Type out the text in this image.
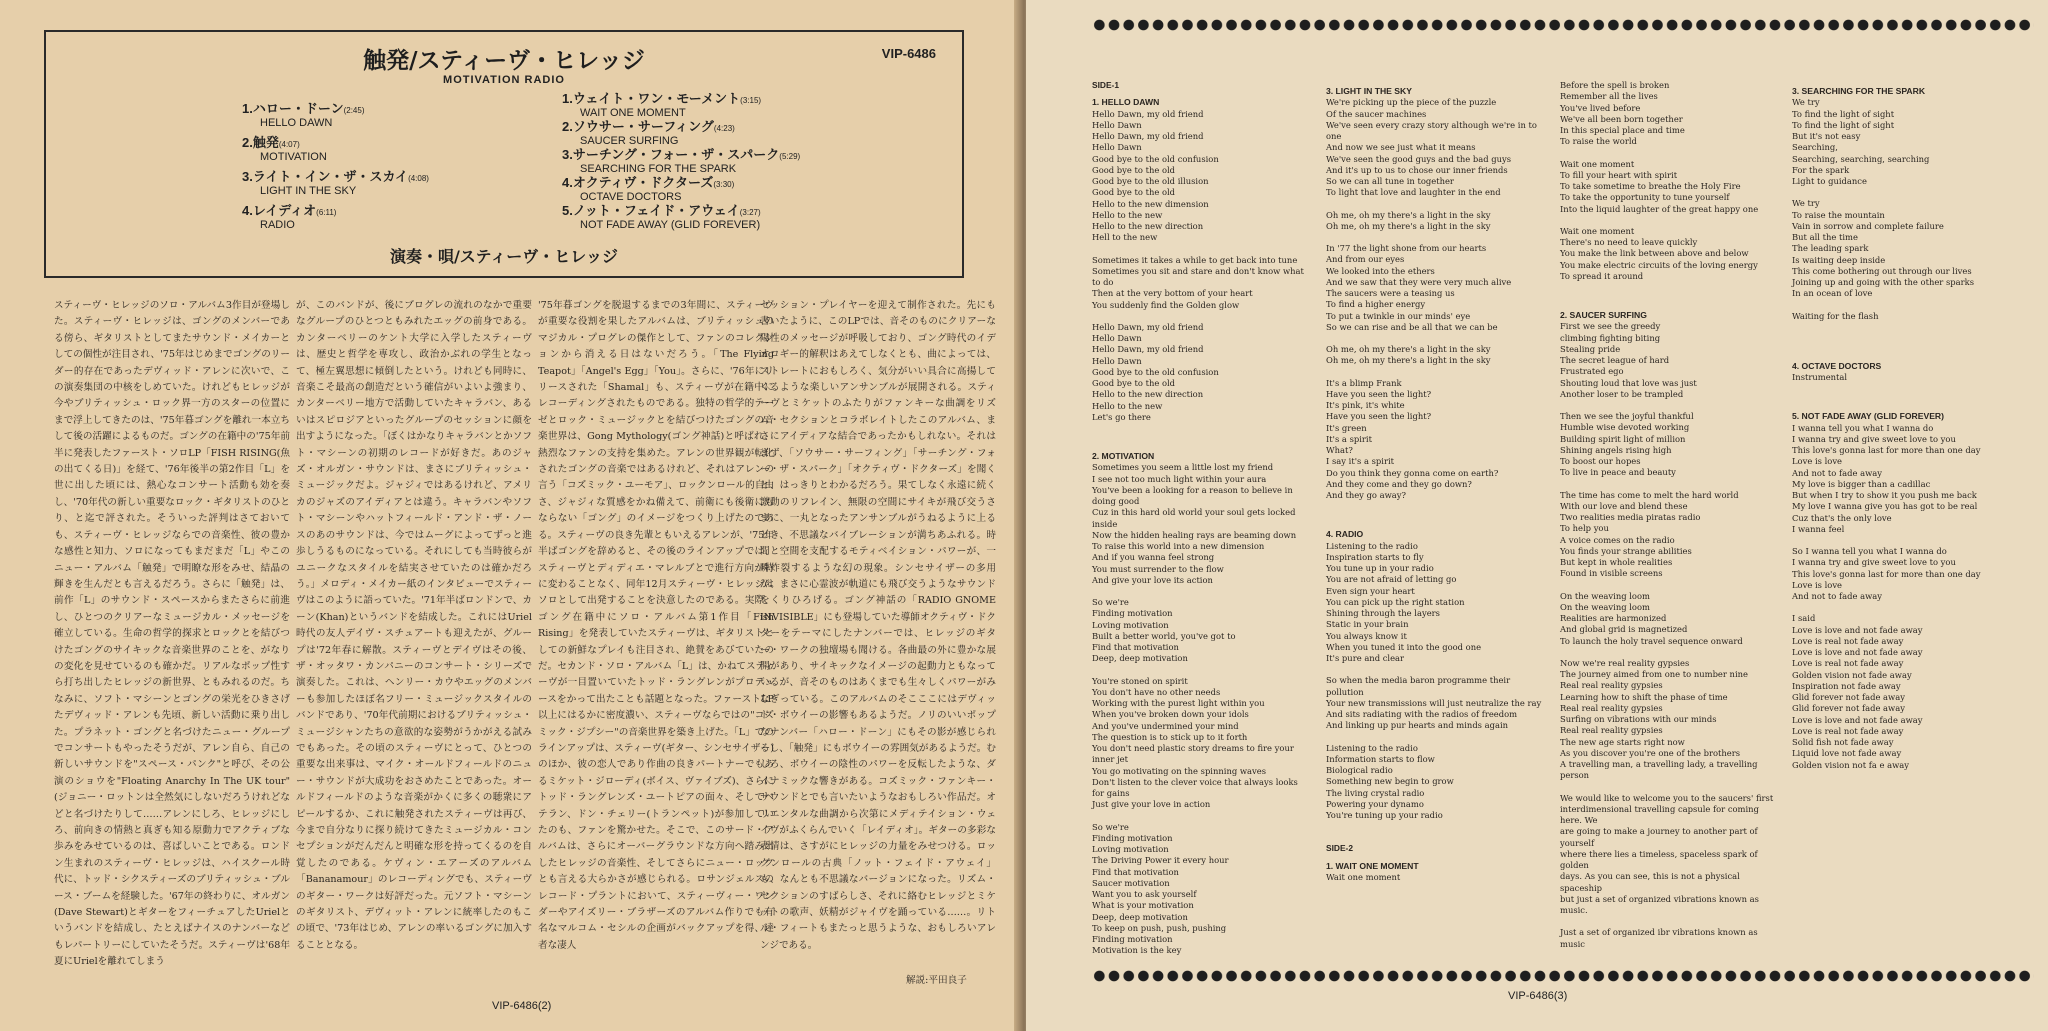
触発/スティーヴ・ヒレッジ
MOTIVATION RADIO
VIP-6486
1.ハロー・ドーン(2:45)
HELLO DAWN
2.触発(4:07)
MOTIVATION
3.ライト・イン・ザ・スカイ(4:08)
LIGHT IN THE SKY
4.レイディオ(6:11)
RADIO
1.ウェイト・ワン・モーメント(3:15)
WAIT ONE MOMENT
2.ソウサー・サーフィング(4:23)
SAUCER SURFING
3.サーチング・フォー・ザ・スパーク(5:29)
SEARCHING FOR THE SPARK
4.オクティヴ・ドクターズ(3:30)
OCTAVE DOCTORS
5.ノット・フェイド・アウェイ(3:27)
NOT FADE AWAY (GLID FOREVER)
演奏・唄/スティーヴ・ヒレッジ
スティーヴ・ヒレッジのソロ・アルバム3作目が登場した。スティーヴ・ヒレッジは、ゴングのメンバーである傍ら、ギタリストとしてまたサウンド・メイカーとしての個性が注目され、'75年はじめまでゴングのリーダー的存在であったデヴィッド・アレンに次いで、この演奏集団の中核をしめていた。けれどもヒレッジが今やブリティッシュ・ロック界一方のスターの位置にまで浮上してきたのは、'75年暮ゴングを離れ一本立ちして後の活躍によるものだ。ゴングの在籍中の'75年前半に発表したファースト・ソロLP「FISH RISING(魚の出てくる日)」を経て、'76年後半の第2作目「L」を世に出した頃には、熱心なコンサート活動も効を奏し、'70年代の新しい重要なロック・ギタリストのひとり、と迄で評された。そういった評判はさておいても、スティーヴ・ヒレッジならでの音楽性、彼の豊かな感性と知力、ソロになってもまだまだ「L」やこのニュー・アルバム「触発」で明瞭な形をみせ、結晶の輝きを生んだとも言えるだろう。さらに「触発」は、前作「L」のサウンド・スペースからまたさらに前進し、ひとつのクリアーなミュージカル・メッセージを確立している。生命の哲学的探求とロックとを結びつけたゴングのサイキックな音楽世界のことを、がなりの変化を見せているのも確かだ。リアルなポップ性すら打ち出したヒレッジの新世界、ともみれるのだ。ちなみに、ソフト・マシーンとゴングの栄光をひきさげたデヴィッド・アレンも先頃、新しい活動に乗り出した。プラネット・ゴングと名づけたニュー・グループでコンサートもやったそうだが、アレン自ら、自己の新しいサウンドを"スペース・パンク"と呼び、その公演のショウを"Floating Anarchy In The UK tour"(ジョニー・ロットンは全然気にしないだろうけれどなどと名づけたりして……アレンにしろ、ヒレッジにしろ、前向きの情熱と真ぎも知る原動力でアクティブな歩みをみせているのは、喜ばしいことである。ロンドン生まれのスティーヴ・ヒレッジは、ハイスクール時代に、トッド・シクスティーズのブリティッシュ・ブルース・ブームを経験した。'67年の終わりに、オルガン(Dave Stewart)とギターをフィーチュアしたUrielというバンドを結成し、たとえばナイスのナンバーなどもレパートリーにしていたそうだ。スティーヴは'68年夏にUrielを離れてしまう
が、このバンドが、後にブログレの流れのなかで重要なグループのひとつともみれたエッグの前身である。カンターベリーのケント大学に入学したスティーヴは、歴史と哲学を専攻し、政治かぶれの学生となって、極左翼思想に傾倒したという。けれども同時に、音楽こそ最高の創造だという確信がいよいよ強まり、カンターベリー地方で活動していたキャラバン、あるいはスピロジアといったグループのセッションに顔を出すようになった。「ぼくはかなりキャラバンとかソフト・マシーンの初期のレコードが好きだ。あのジャズ・オルガン・サウンドは、まさにブリティッシュ・ミュージックだよ。ジャジィではあるけれど、アメリカのジャズのアイディアとは違う。キャラバンやソフト・マシーンやハットフィールド・アンド・ザ・ノースのあのサウンドは、今ではムーグによってずっと進歩しうるものになっている。それにしても当時彼らがユニークなスタイルを結実させていたのは確かだろう。」メロディ・メイカー紙のインタビューでスティーヴはこのように語っていた。'71年半ばロンドンで、カーン(Khan)というバンドを結成した。これにはUriel時代の友人デイヴ・スチュアートも迎えたが、グループは'72年春に解散。スティーヴとデイヴはその後、ザ・オッタワ・カンパニーのコンサート・シリーズで演奏した。これは、ヘンリー・カウやエッグのメンバーも参加したほぼ名フリー・ミュージックスタイルのバンドであり、'70年代前期におけるブリティッシュ・ミュージシャンたちの意欲的な姿勢がうかがえる試みでもあった。その頃のスティーヴにとって、ひとつの重要な出来事は、マイク・オールドフィールドのニュー・サウンドが大成功をおさめたことであった。オールドフィールドのような音楽がかくに多くの聴衆にアピールするか、これに触発されたスティーヴは再び、今まで自分なりに探り続けてきたミュージカル・コンセプションがだんだんと明確な形を持ってくるのを自覚したのである。ケヴィン・エアーズのアルバム「Bananamour」のレコーディングでも、スティーヴのギター・ワークは好評だった。元ソフト・マシーンのギタリスト、デヴィット・アレンに統率したのもこの頃で、'73年はじめ、アレンの率いるゴングに加入することとなる。
'75年暮ゴングを脱退するまでの3年間に、スティーヴが重要な役割を果したアルバムは、ブリティッシュのマジカル・プログレの傑作として、ファンのコレクションから消える日はないだろう。「The Flying Teapot」「Angel's Egg」「You」。さらに、'76年にリリースされた「Shamal」も、スティーヴが在籍中にレコーディングされたものである。独特の哲学的テーゼとロック・ミュージックとを結びつけたゴングの音楽世界は、Gong Mythology(ゴング神話)と呼ばれ、熱烈なファンの支持を集めた。アレンの世界観が転化されたゴングの音楽ではあるけれど、それはアレンの言う「コズミック・ユーモア」、ロックンロール的自由さ、ジャジィな質感をかね備えて、前衛にも後衛にもならない「ゴング」のイメージをつくり上げたのである。スティーヴの良き先輩ともいえるアレンが、'75年半ばゴングを辞めると、その後のラインアップでは、スティーヴとディディエ・マレルブとで進行方向が特に変わることなく、同年12月スティーヴ・ヒレッジはソロとして出発することを決意したのである。実際、ゴング在籍中にソロ・アルバム第1作目「Fish Rising」を発表していたスティーヴは、ギタリストとしての新鮮なプレイも注目され、絶賛をあびていたのだ。セカンド・ソロ・アルバム「L」は、かねてスティーヴが一目置いていたトッド・ラングレンがプロデュースをかって出たことも話題となった。ファーストLP以上にはるかに密度濃い、スティーヴならではの"コズミック・ジプシー"の音楽世界を築き上げた。「L」でのラインアップは、スティーヴ(ギター、シンセサイザー)のほか、彼の恋人であり作曲の良きパートナーでもあるミケット・ジローディ(ボイス、ヴァイブズ)、さらにトッド・ラングレンズ・ユートピアの面々、そしてベテラン、ドン・チェリー(トランペット)が参加していたのも、ファンを驚かせた。そこで、このサード・アルバムは、さらにオーバーグラウンドな方向へ踏み出したヒレッジの音楽性、そしてさらにニュー・ロックとも言える大らかさが感じられる。ロサンジェルスのレコード・プラントにおいて、スティーヴィー・ワンダーやアイズリー・ブラザーズのアルバム作りでも有名なマルコム・セシルの企画がバックアップを得、達者な凄人
セッション・プレイヤーを迎えて制作された。先にも書いたように、このLPでは、音そのものにクリアーな陽性のメッセージが呼吸しており、ゴング時代のイデオロギー的解釈はあえてしなくとも、曲によっては、ストレートにおもしろく、気分がいい具合に高揚してくるような楽しいアンサンブルが展開される。スティーヴとミケットのふたりがファンキーな曲調をリズム・セクションとコラボレイトしたこのアルバム、まさにアイディアな結合であったかもしれない。それはまず、「ソウサー・サーフィング」「サーチング・フォー・ザ・スパーク」「オクティヴ・ドクターズ」を聞くと、はっきりとわかるだろう。果てしなく永遠に続く激動のリフレイン、無限の空間にサイキが飛び交うさまに、一丸となったアンサンブルがうねるように上るとき、不思議なバイブレーションが満ちあふれる。時間と空間を支配するモティベイション・パワーが、一瞬炸裂するような幻の現象。シンセサイザーの多用が、まさに心霊波が軌道にも飛び交うようなサウンドをくりひろげる。ゴング神話の「RADIO GNOME INVISIBLE」にも登場していた導師オクティヴ・ドクターをテーマにしたナンバーでは、ヒレッジのギター・ワークの独壇場も聞ける。各曲最の外に豊かな展開があり、サイキックなイメージの起動力ともなっているが、音そのものはあくまでも生々しくパワーがみなぎっている。このアルバムのそこここにはデヴィッド・ボウイーの影響もあるようだ。ノリのいいポップなナンバー「ハロー・ドーン」にもその影が感じられるし、「触発」にもボウイーの雰囲気があるようだ。むしろ、ボウイーの陰性のパワーを反転したような、ダイナミックな響きがある。コズミック・ファンキー・サウンドとでも言いたいようなおもしろい作品だ。オリエンタルな曲調から次第にメディテイション・ウェイヴがふくらんでいく「レイディオ」。ギターの多彩な表情は、さすがにヒレッジの力量をみせつける。ロックンロールの古典「ノット・フェイド・アウェイ」も、なんとも不思議なバージョンになった。リズム・セクションのすばらしさ、それに絡むヒレッジとミケットの歌声、妖精がジャイヴを踊っている……。リトル・フィートもまたっと思うような、おもしろいアレンジである。
解説:平田良子
VIP-6486(2)
SIDE-1
1. HELLO DAWN
Hello Dawn, my old friend
Hello Dawn
Hello Dawn, my old friend
Hello Dawn
Good bye to the old confusion
Good bye to the old
Good bye to the old illusion
Good bye to the old
Hello to the new dimension
Hello to the new
Hello to the new direction
Hell to the new
Sometimes it takes a while to get back into tune
Sometimes you sit and stare and don't know what to do
Then at the very bottom of your heart
You suddenly find the Golden glow
Hello Dawn, my old friend
Hello Dawn
Hello Dawn, my old friend
Hello Dawn
Good bye to the old confusion
Good bye to the old
Hello to the new direction
Hello to the new
Let's go there
2. MOTIVATION
Sometimes you seem a little lost my friend
I see not too much light within your aura
You've been a looking for a reason to believe in doing good
Cuz in this hard old world your soul gets locked inside
Now the hidden healing rays are beaming down
To raise this world into a new dimension
And if you wanna feel strong
You must surrender to the flow
And give your love its action
So we're
Finding motivation
Loving motivation
Built a better world, you've got to
Find that motivation
Deep, deep motivation
You're stoned on spirit
You don't have no other needs
Working with the purest light within you
When you've broken down your idols
And you've undermined your mind
The question is to stick up to it forth
You don't need plastic story dreams to fire your inner jet
You go motivating on the spinning waves
Don't listen to the clever voice that always looks for gains
Just give your love in action
So we're
Finding motivation
Loving motivation
The Driving Power it every hour
Find that motivation
Saucer motivation
Want you to ask yourself
What is your motivation
Deep, deep motivation
To keep on push, push, pushing
Finding motivation
Motivation is the key
3. LIGHT IN THE SKY
We're picking up the piece of the puzzle
Of the saucer machines
We've seen every crazy story although we're in to one
And now we see just what it means
We've seen the good guys and the bad guys
And it's up to us to chose our inner friends
So we can all tune in together
To light that love and laughter in the end
Oh me, oh my there's a light in the sky
Oh me, oh my there's a light in the sky
In '77 the light shone from our hearts
And from our eyes
We looked into the ethers
And we saw that they were very much alive
The saucers were a teasing us
To find a higher energy
To put a twinkle in our minds' eye
So we can rise and be all that we can be
Oh me, oh my there's a light in the sky
Oh me, oh my there's a light in the sky
It's a blimp Frank
Have you seen the light?
It's pink, it's white
Have you seen the light?
It's green
It's a spirit
What?
I say it's a spirit
Do you think they gonna come on earth?
And they come and they go down?
And they go away?
4. RADIO
Listening to the radio
Inspiration starts to fly
You tune up in your radio
You are not afraid of letting go
Even sign your heart
You can pick up the right station
Shining through the layers
Static in your brain
You always know it
When you tuned it into the good one
It's pure and clear
So when the media baron programme their pollution
Your new transmissions will just neutralize the ray
And sits radiating with the radios of freedom
And linking up pur hearts and minds again
Listening to the radio
Information starts to flow
Biological radio
Something new begin to grow
The living crystal radio
Powering your dynamo
You're tuning up your radio
SIDE-2
1. WAIT ONE MOMENT
Wait one moment
Before the spell is broken
Remember all the lives
You've lived before
We've all been born together
In this special place and time
To raise the world
Wait one moment
To fill your heart with spirit
To take sometime to breathe the Holy Fire
To take the opportunity to tune yourself
Into the liquid laughter of the great happy one
Wait one moment
There's no need to leave quickly
You make the link between above and below
You make electric circuits of the loving energy
To spread it around
2. SAUCER SURFING
First we see the greedy
climbing fighting biting
Stealing pride
The secret league of hard
Frustrated ego
Shouting loud that love was just
Another loser to be trampled
Then we see the joyful thankful
Humble wise devoted working
Building spirit light of million
Shining angels rising high
To boost our hopes
To live in peace and beauty
The time has come to melt the hard world
With our love and blend these
Two realities media piratas radio
To help you
A voice comes on the radio
You finds your strange abilities
But kept in whole realities
Found in visible screens
On the weaving loom
On the weaving loom
Realities are harmonized
And global grid is magnetized
To launch the holy travel sequence onward
Now we're real reality gypsies
The journey aimed from one to number nine
Real real reality gypsies
Learning how to shift the phase of time
Real real reality gypsies
Surfing on vibrations with our minds
Real real reality gypsies
The new age starts right now
As you discover you're one of the brothers
A travelling man, a travelling lady, a travelling person
We would like to welcome you to the saucers' first
interdimensional travelling capsule for coming here. We
are going to make a journey to another part of yourself
where there lies a timeless, spaceless spark of golden
days. As you can see, this is not a physical spaceship
but just a set of organized vibrations known as music.
Just a set of organized ibr vibrations known as music
3. SEARCHING FOR THE SPARK
We try
To find the light of sight
To find the light of sight
But it's not easy
Searching,
Searching, searching, searching
For the spark
Light to guidance
We try
To raise the mountain
Vain in sorrow and complete failure
But all the time
The leading spark
Is waiting deep inside
This come bothering out through our lives
Joining up and going with the other sparks
In an ocean of love
Waiting for the flash
4. OCTAVE DOCTORS
Instrumental
5. NOT FADE AWAY (GLID FOREVER)
I wanna tell you what I wanna do
I wanna try and give sweet love to you
This love's gonna last for more than one day
Love is love
And not to fade away
My love is bigger than a cadillac
But when I try to show it you push me back
My love I wanna give you has got to be real
Cuz that's the only love
I wanna feel
So I wanna tell you what I wanna do
I wanna try and give sweet love to you
This love's gonna last for more than one day
Love is love
And not to fade away
I said
Love is love and not fade away
Love is real not fade away
Love is love and not fade away
Love is real not fade away
Golden vision not fade away
Inspiration not fade away
Glid forever not fade away
Glid forever not fade away
Love is love and not fade away
Love is real not fade away
Solid fish not fade away
Liquid love not fade away
Golden vision not fa e away
VIP-6486(3)
